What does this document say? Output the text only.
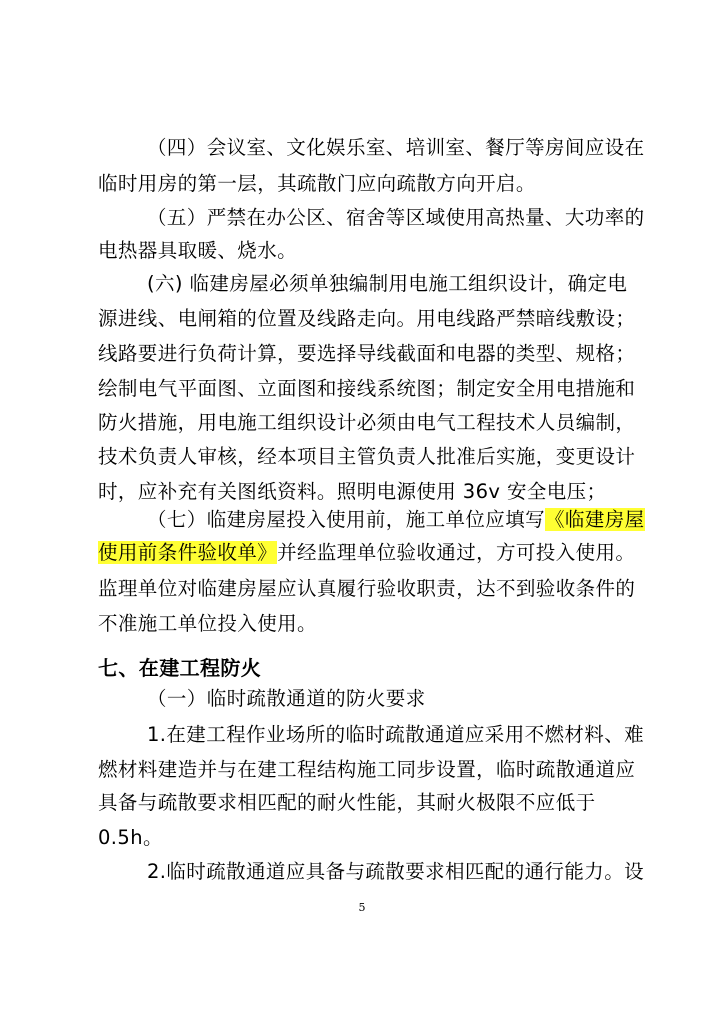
（四）会议室、文化娱乐室、培训室、餐厅等房间应设在
临时用房的第一层，其疏散门应向疏散方向开启。
（五）严禁在办公区、宿舍等区域使用高热量、大功率的
电热器具取暖、烧水。
(六) 临建房屋必须单独编制用电施工组织设计，确定电
源进线、电闸箱的位置及线路走向。用电线路严禁暗线敷设；
线路要进行负荷计算，要选择导线截面和电器的类型、规格；
绘制电气平面图、立面图和接线系统图；制定安全用电措施和
防火措施，用电施工组织设计必须由电气工程技术人员编制，
技术负责人审核，经本项目主管负责人批准后实施，变更设计
时，应补充有关图纸资料。照明电源使用 36v 安全电压；
（七）临建房屋投入使用前，施工单位应填写《临建房屋
使用前条件验收单》并经监理单位验收通过，方可投入使用。
监理单位对临建房屋应认真履行验收职责，达不到验收条件的
不准施工单位投入使用。
七、在建工程防火
（一）临时疏散通道的防火要求
1.在建工程作业场所的临时疏散通道应采用不燃材料、难
燃材料建造并与在建工程结构施工同步设置，临时疏散通道应
具备与疏散要求相匹配的耐火性能，其耐火极限不应低于
0.5h。
2.临时疏散通道应具备与疏散要求相匹配的通行能力。设
5
